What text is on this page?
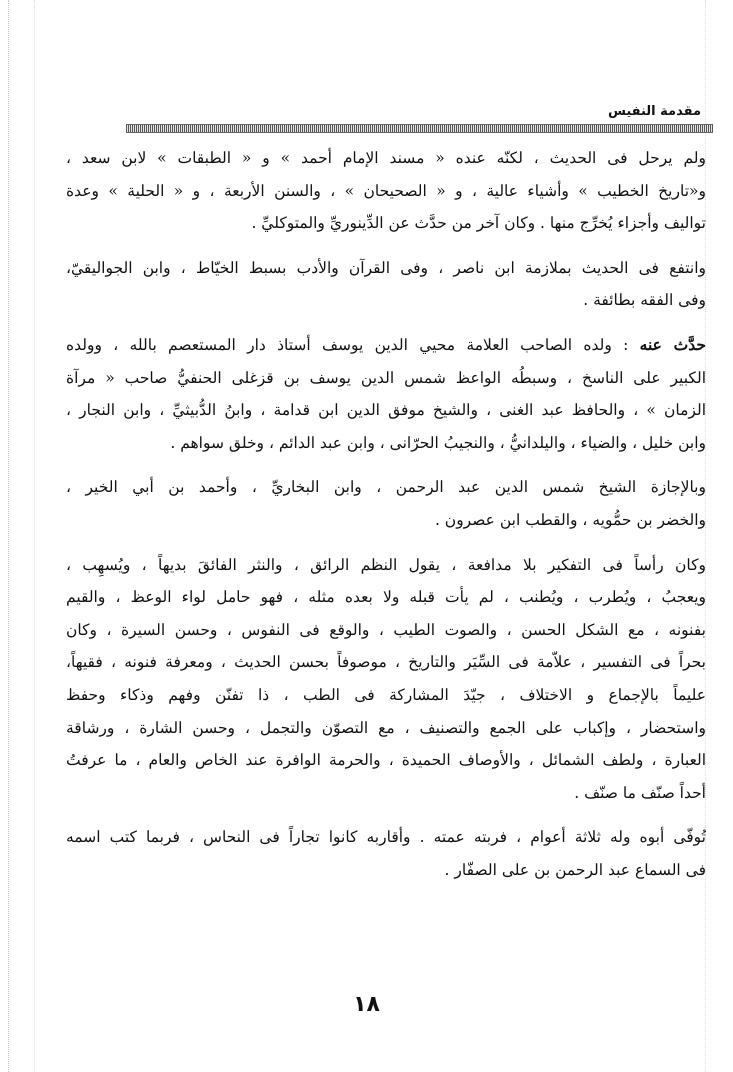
مقدمة النفيس

ولم يرحل فى الحديث ، لكنّه عنده « مسند الإمام أحمد » و « الطبقات » لابن سعد ،
و«تاريخ الخطيب » وأشياء عالية ، و « الصحيحان » ، والسنن الأربعة ، و « الحلية » وعدة
تواليف وأجزاء يُخرِّج منها . وكان آخر من حدَّث عن الدِّينوريِّ والمتوكليِّ .

وانتفع فى الحديث بملازمة ابن ناصر ، وفى القرآن والأدب بسبط الخيّاط ، وابن الجواليقيّ،
وفى الفقه بطائفة .

حدَّث عنه : ولده الصاحب العلامة محيي الدين يوسف أستاذ دار المستعصم بالله ، وولده
الكبير على الناسخ ، وسبطُه الواعظ شمس الدين يوسف بن قزغلى الحنفيُّ صاحب « مرآة
الزمان » ، والحافظ عبد الغنى ، والشيخ موفق الدين ابن قدامة ، وابنُ الدُّبيثيِّ ، وابن النجار ،
وابن خليل ، والضياء ، واليلدانيُّ ، والنجيبُ الحرّانى ، وابن عبد الدائم ، وخلق سواهم .

وبالإجازة الشيخ شمس الدين عبد الرحمن ، وابن البخاريِّ ، وأحمد بن أبي الخير ،
والخضر بن حمُّويه ، والقطب ابن عصرون .

وكان رأساً فى التفكير بلا مدافعة ، يقول النظم الرائق ، والنثر الفائقَ بديهاً ، ويُسهِب ،
ويعجبُ ، ويُطرب ، ويُطنب ، لم يأت قبله ولا بعده مثله ، فهو حامل لواء الوعظ ، والقيم
بفنونه ، مع الشكل الحسن ، والصوت الطيب ، والوقع فى النفوس ، وحسن السيرة ، وكان
بحراً فى التفسير ، علاّمة فى السِّيَر والتاريخ ، موصوفاً بحسن الحديث ، ومعرفة فنونه ، فقيهاً،
عليماً بالإجماع و الاختلاف ، جيّدَ المشاركة فى الطب ، ذا تفنّن وفهم وذكاء وحفظ
واستحضار ، وإكباب على الجمع والتصنيف ، مع التصوّن والتجمل ، وحسن الشارة ، ورشاقة
العبارة ، ولطف الشمائل ، والأوصاف الحميدة ، والحرمة الوافرة عند الخاص والعام ، ما عرفتُ
أحداً صنّف ما صنّف .

تُوفّى أبوه وله ثلاثة أعوام ، فربته عمته . وأقاربه كانوا تجاراً فى النحاس ، فربما كتب اسمه
فى السماع عبد الرحمن بن على الصفّار .

١٨
